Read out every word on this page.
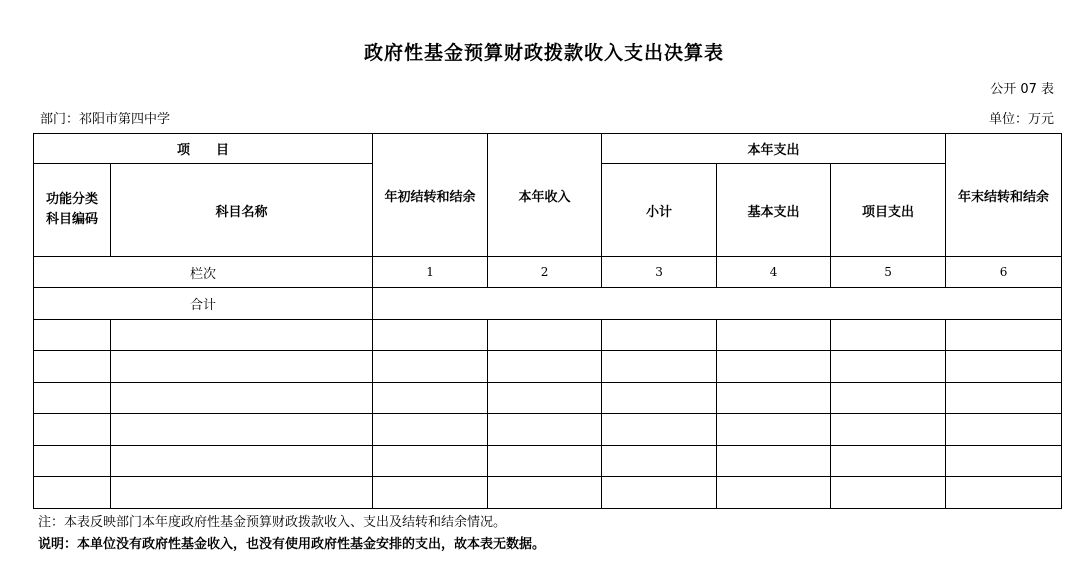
政府性基金预算财政拨款收入支出决算表
公开 07 表
部门：祁阳市第四中学	单位：万元
项　　目		年初结转和结余	本年收入	本年支出			年末结转和结余
功能分类科目编码	科目名称			小计	基本支出	项目支出	
栏次		1	2	3	4	5	6
合计							

注：本表反映部门本年度政府性基金预算财政拨款收入、支出及结转和结余情况。
说明：本单位没有政府性基金收入，也没有使用政府性基金安排的支出，故本表无数据。
